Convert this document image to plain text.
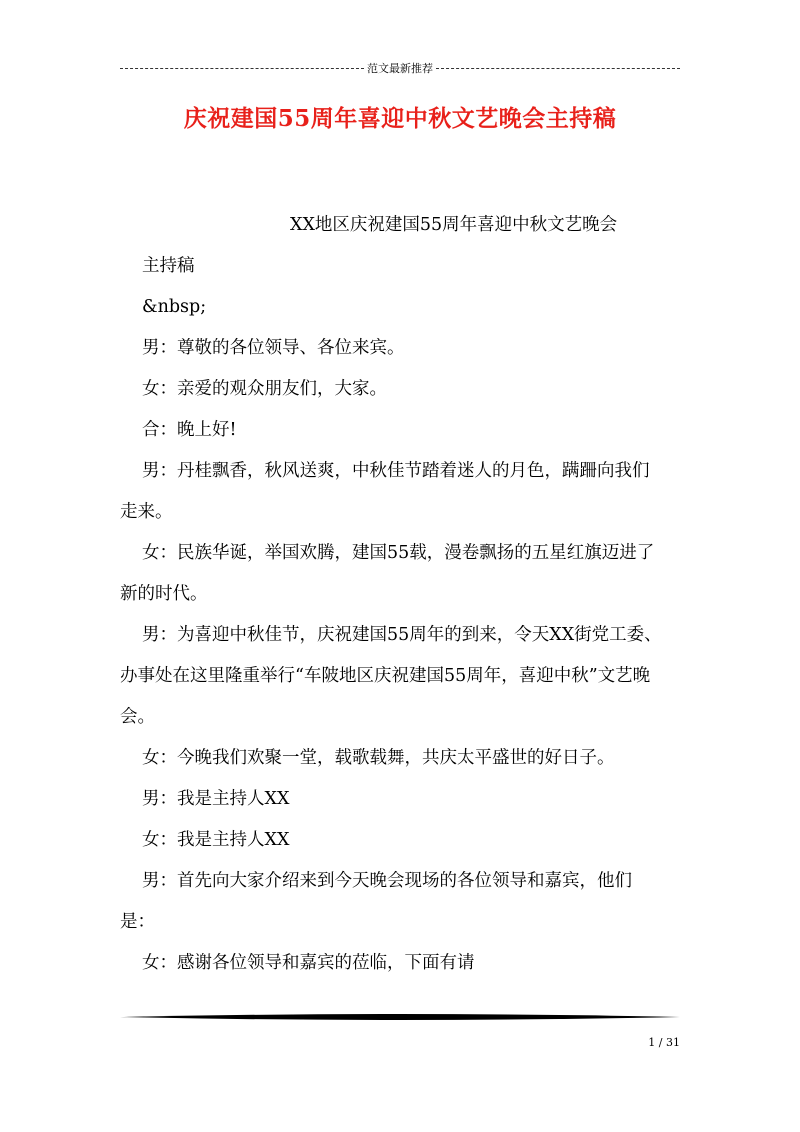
范文最新推荐
庆祝建国55周年喜迎中秋文艺晚会主持稿

XX地区庆祝建国55周年喜迎中秋文艺晚会

主持稿

&nbsp;

男：尊敬的各位领导、各位来宾。

女：亲爱的观众朋友们，大家。

合：晚上好!

男：丹桂飘香，秋风送爽，中秋佳节踏着迷人的月色，蹒跚向我们走来。

女：民族华诞，举国欢腾，建国55载，漫卷飘扬的五星红旗迈进了新的时代。

男：为喜迎中秋佳节，庆祝建国55周年的到来，令天XX街党工委、办事处在这里隆重举行“车陂地区庆祝建国55周年，喜迎中秋”文艺晚会。

女：今晚我们欢聚一堂，载歌载舞，共庆太平盛世的好日子。

男：我是主持人XX

女：我是主持人XX

男：首先向大家介绍来到今天晚会现场的各位领导和嘉宾，他们是：

女：感谢各位领导和嘉宾的莅临，下面有请

1 / 31
